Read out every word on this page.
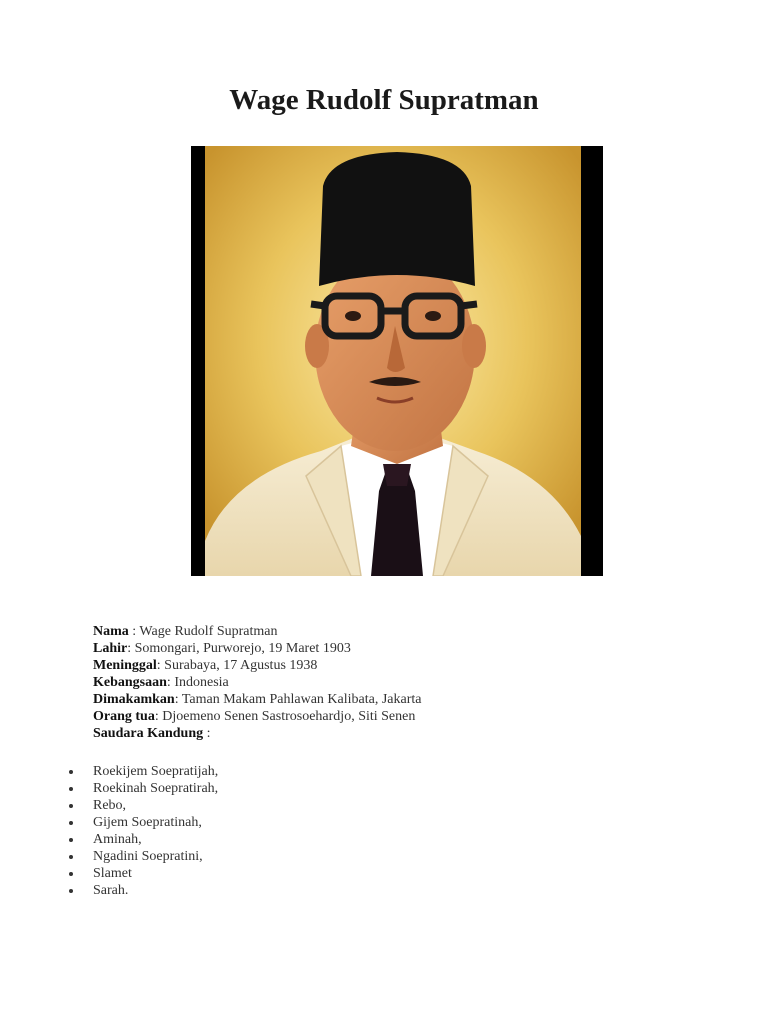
Wage Rudolf Supratman
Nama : Wage Rudolf Supratman
Lahir: Somongari, Purworejo, 19 Maret 1903
Meninggal: Surabaya, 17 Agustus 1938
Kebangsaan: Indonesia
Dimakamkan: Taman Makam Pahlawan Kalibata, Jakarta
Orang tua: Djoemeno Senen Sastrosoehardjo, Siti Senen
Saudara Kandung :
Roekijem Soepratijah,
Roekinah Soepratirah,
Rebo,
Gijem Soepratinah,
Aminah,
Ngadini Soepratini,
Slamet
Sarah.
